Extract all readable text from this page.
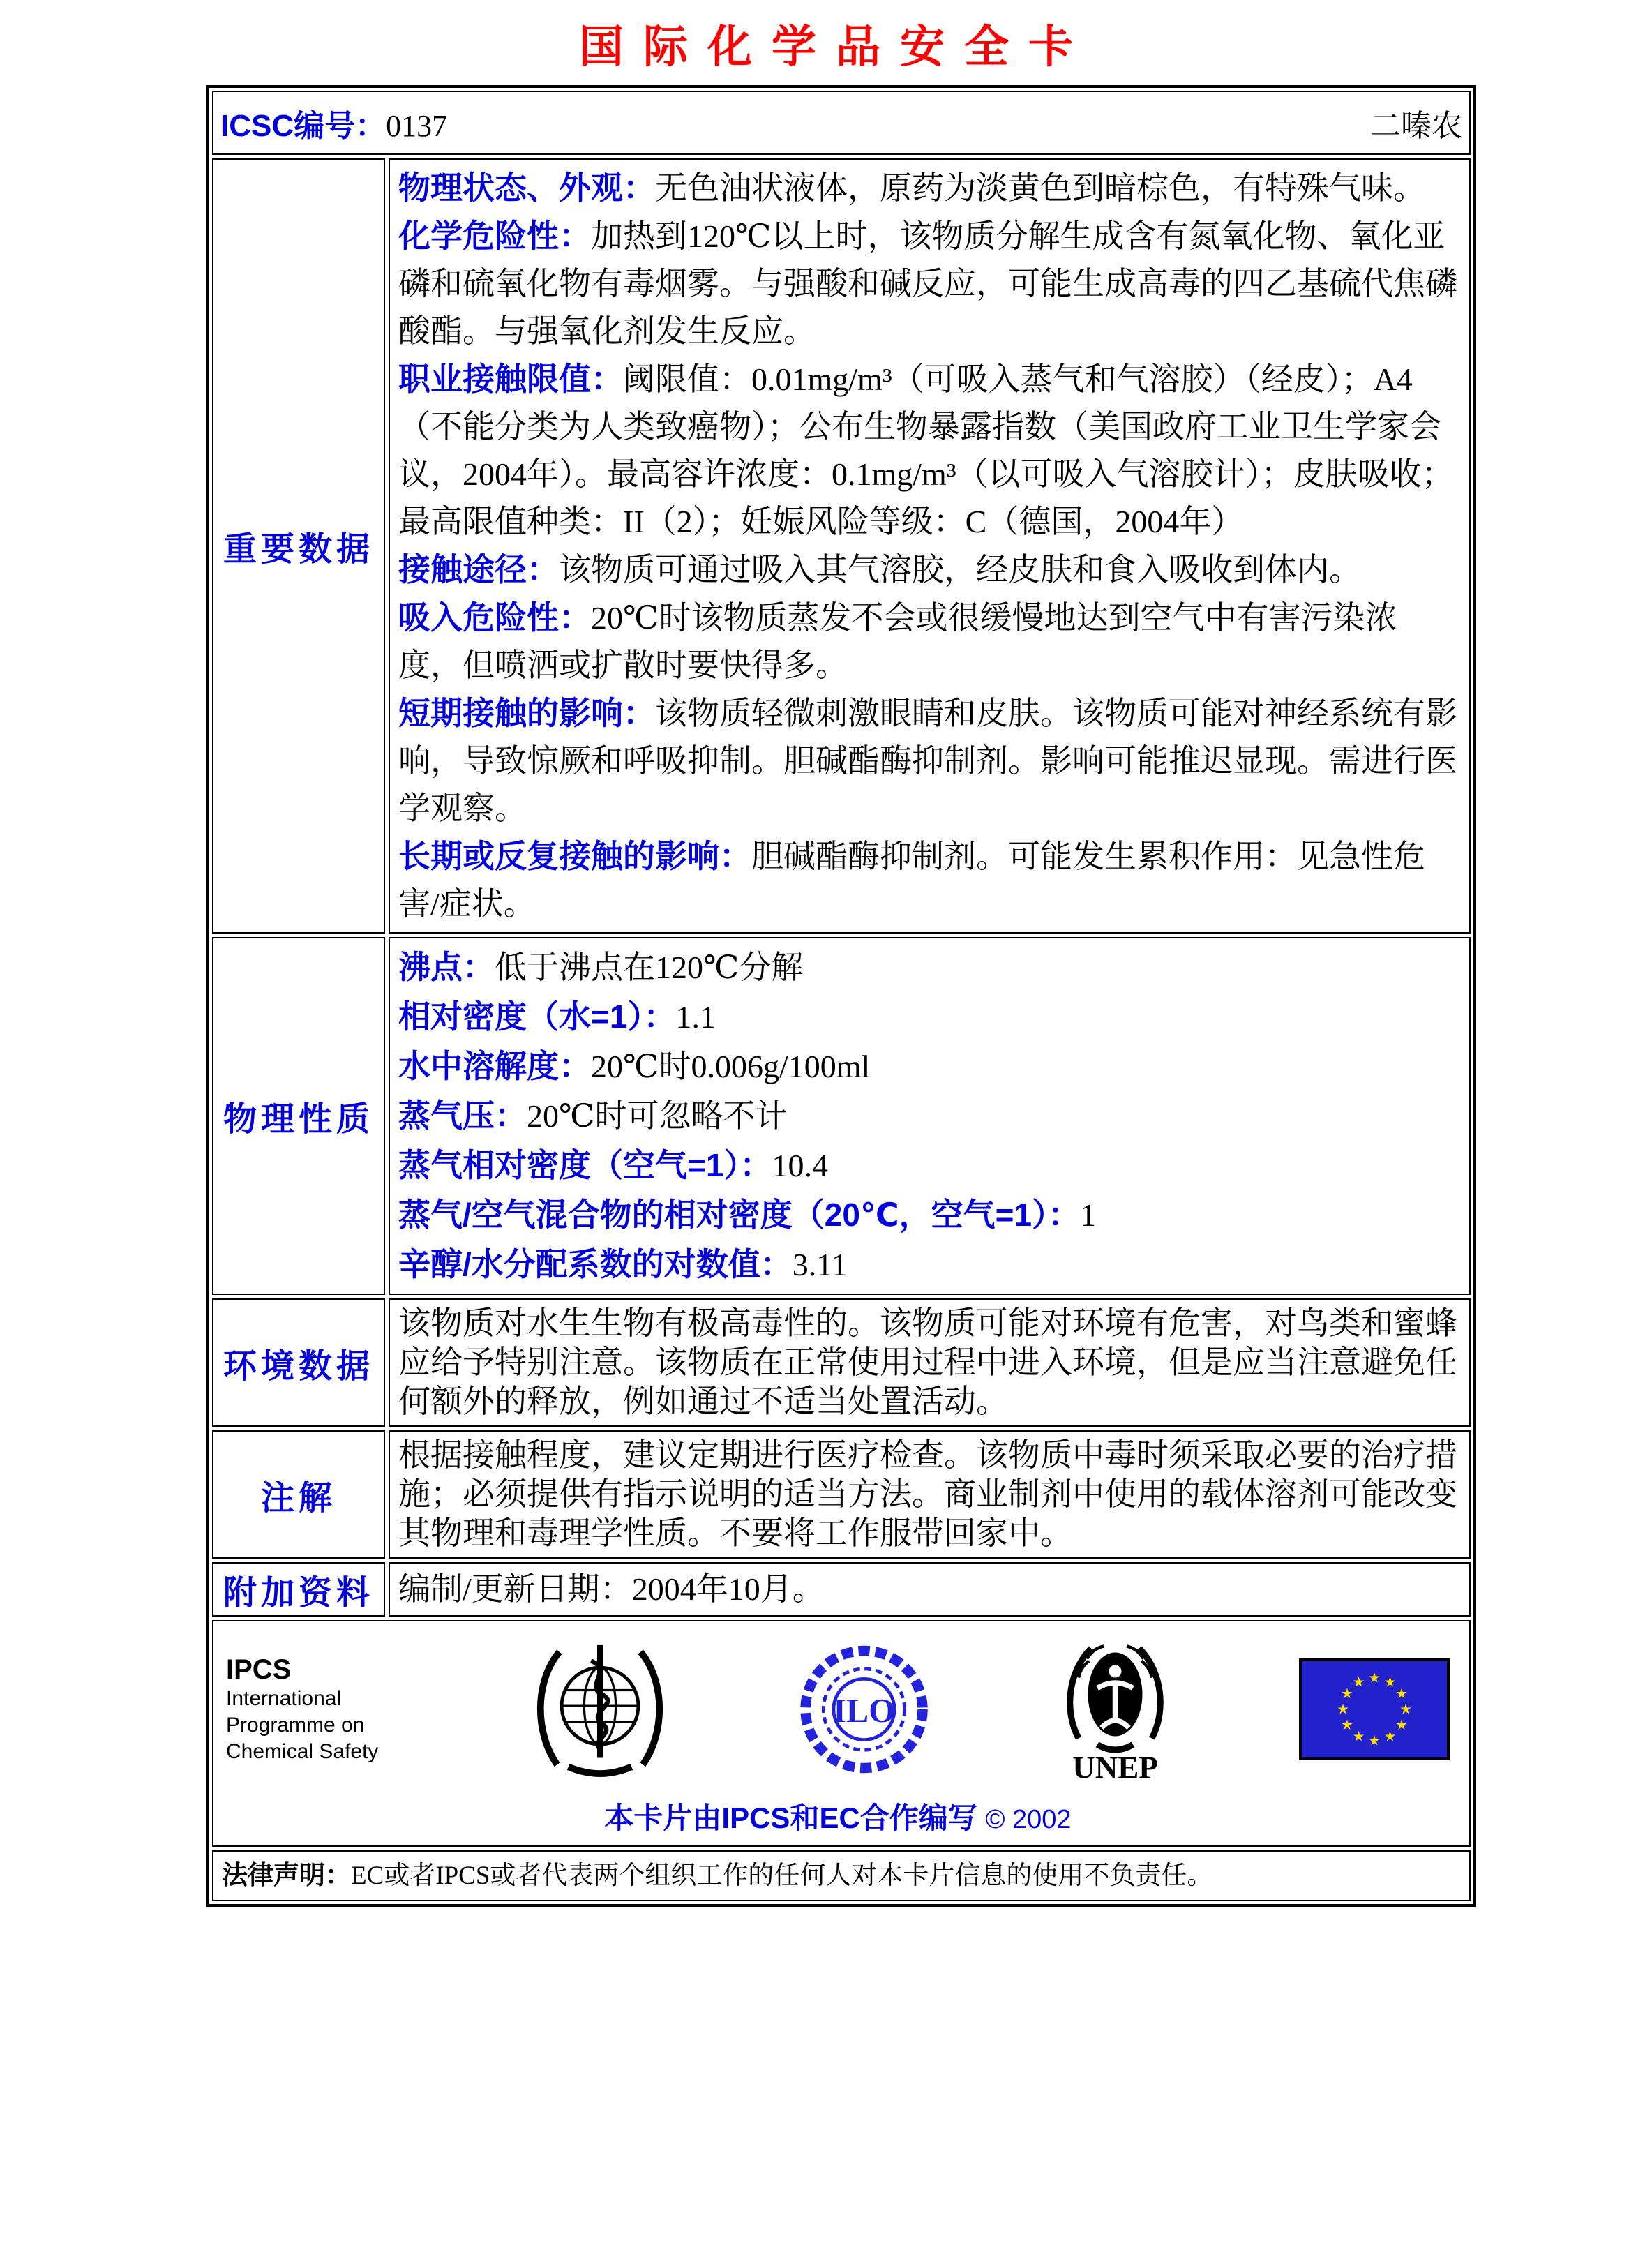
国际化学品安全卡
ICSC编号：0137	二嗪农
重要数据

物理状态、外观：无色油状液体，原药为淡黄色到暗棕色，有特殊气味。

化学危险性：加热到120℃以上时，该物质分解生成含有氮氧化物、氧化亚磷和硫氧化物有毒烟雾。与强酸和碱反应，可能生成高毒的四乙基硫代焦磷酸酯。与强氧化剂发生反应。

职业接触限值：阈限值：0.01mg/m³（可吸入蒸气和气溶胶）（经皮）；A4（不能分类为人类致癌物）；公布生物暴露指数（美国政府工业卫生学家会议，2004年）。最高容许浓度：0.1mg/m³（以可吸入气溶胶计）；皮肤吸收；最高限值种类：II（2）；妊娠风险等级：C（德国，2004年）

接触途径：该物质可通过吸入其气溶胶，经皮肤和食入吸收到体内。

吸入危险性：20℃时该物质蒸发不会或很缓慢地达到空气中有害污染浓度，但喷洒或扩散时要快得多。

短期接触的影响：该物质轻微刺激眼睛和皮肤。该物质可能对神经系统有影响，导致惊厥和呼吸抑制。胆碱酯酶抑制剂。影响可能推迟显现。需进行医学观察。

长期或反复接触的影响：胆碱酯酶抑制剂。可能发生累积作用：见急性危害/症状。

物理性质

沸点：低于沸点在120℃分解

相对密度（水=1）：1.1

水中溶解度：20℃时0.006g/100ml

蒸气压：20℃时可忽略不计

蒸气相对密度（空气=1）：10.4

蒸气/空气混合物的相对密度（20℃，空气=1）：1

辛醇/水分配系数的对数值：3.11

环境数据

该物质对水生生物有极高毒性的。该物质可能对环境有危害，对鸟类和蜜蜂应给予特别注意。该物质在正常使用过程中进入环境，但是应当注意避免任何额外的释放，例如通过不适当处置活动。

注解

根据接触程度，建议定期进行医疗检查。该物质中毒时须采取必要的治疗措施；必须提供有指示说明的适当方法。商业制剂中使用的载体溶剂可能改变其物理和毒理学性质。不要将工作服带回家中。

附加资料 编制/更新日期：2004年10月。

IPCS
International
Programme on
Chemical Safety
ILO
UNEP
本卡片由IPCS和EC合作编写 © 2002
法律声明：EC或者IPCS或者代表两个组织工作的任何人对本卡片信息的使用不负责任。
